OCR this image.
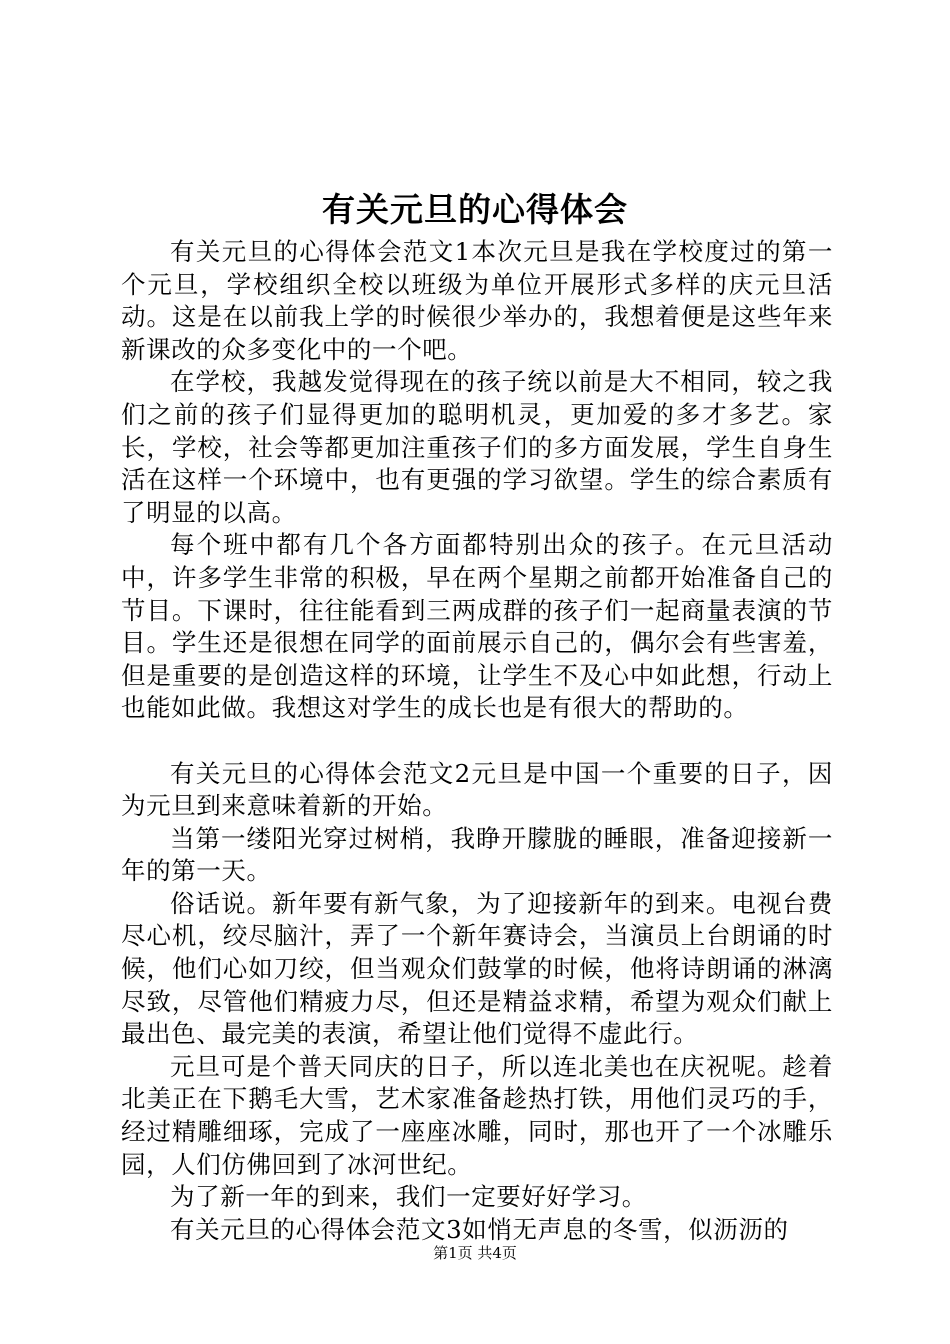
有关元旦的心得体会

有关元旦的心得体会范文1本次元旦是我在学校度过的第一个元旦，学校组织全校以班级为单位开展形式多样的庆元旦活动。这是在以前我上学的时候很少举办的，我想着便是这些年来新课改的众多变化中的一个吧。

在学校，我越发觉得现在的孩子统以前是大不相同，较之我们之前的孩子们显得更加的聪明机灵，更加爱的多才多艺。家长，学校，社会等都更加注重孩子们的多方面发展，学生自身生活在这样一个环境中，也有更强的学习欲望。学生的综合素质有了明显的以高。

每个班中都有几个各方面都特别出众的孩子。在元旦活动中，许多学生非常的积极，早在两个星期之前都开始准备自己的节目。下课时，往往能看到三两成群的孩子们一起商量表演的节目。学生还是很想在同学的面前展示自己的，偶尔会有些害羞，但是重要的是创造这样的环境，让学生不及心中如此想，行动上也能如此做。我想这对学生的成长也是有很大的帮助的。

有关元旦的心得体会范文2元旦是中国一个重要的日子，因为元旦到来意味着新的开始。

当第一缕阳光穿过树梢，我睁开朦胧的睡眼，准备迎接新一年的第一天。

俗话说。新年要有新气象，为了迎接新年的到来。电视台费尽心机，绞尽脑汁，弄了一个新年赛诗会，当演员上台朗诵的时候，他们心如刀绞，但当观众们鼓掌的时候，他将诗朗诵的淋漓尽致，尽管他们精疲力尽，但还是精益求精，希望为观众们献上最出色、最完美的表演，希望让他们觉得不虚此行。

元旦可是个普天同庆的日子，所以连北美也在庆祝呢。趁着北美正在下鹅毛大雪，艺术家准备趁热打铁，用他们灵巧的手，经过精雕细琢，完成了一座座冰雕，同时，那也开了一个冰雕乐园，人们仿佛回到了冰河世纪。

为了新一年的到来，我们一定要好好学习。

有关元旦的心得体会范文3如悄无声息的冬雪，似沥沥的

第1页 共4页
